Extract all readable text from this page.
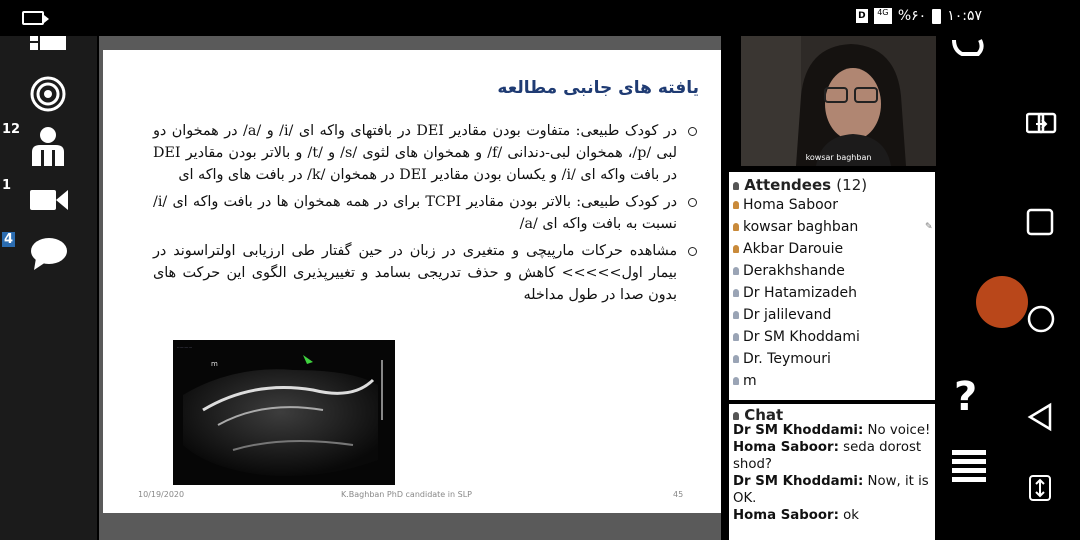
D	4G %۶۰ ۱۰:۵۷
12
1
4
یافته های جانبی مطالعه
در کودک طبیعی: متفاوت بودن مقادیر DEI در بافتهای واکه ای /i/ و /a/ در همخوان دو لبی /p/، همخوان لبی-دندانی /f/ و همخوان های لثوی /s/ و /t/ و بالاتر بودن مقادیر DEI در بافت واکه ای /i/ و یکسان بودن مقادیر DEI در همخوان /k/ در بافت های واکه ای
در کودک طبیعی: بالاتر بودن مقادیر TCPI برای در همه همخوان ها در بافت واکه ای /i/ نسبت به بافت واکه ای /a/
مشاهده حرکات مارپیچی و متغیری در زبان در حین گفتار طی ارزیابی اولتراسوند در بیمار اول>>>>> کاهش و حذف تدریجی بسامد و تغییرپذیری الگوی این حرکت های بدون صدا در طول مداخله
m
............
10/19/2020	K.Baghban PhD candidate in SLP	45
kowsar baghban
?
Attendees (12)
Homa Saboor
kowsar baghban	✎
Akbar Darouie
Derakhshande
Dr Hatamizadeh
Dr jalilevand
Dr SM Khoddami
Dr. Teymouri
m
Chat
Dr SM Khoddami: No voice!
Homa Saboor: seda dorost shod?
Dr SM Khoddami: Now, it is OK.
Homa Saboor: ok
